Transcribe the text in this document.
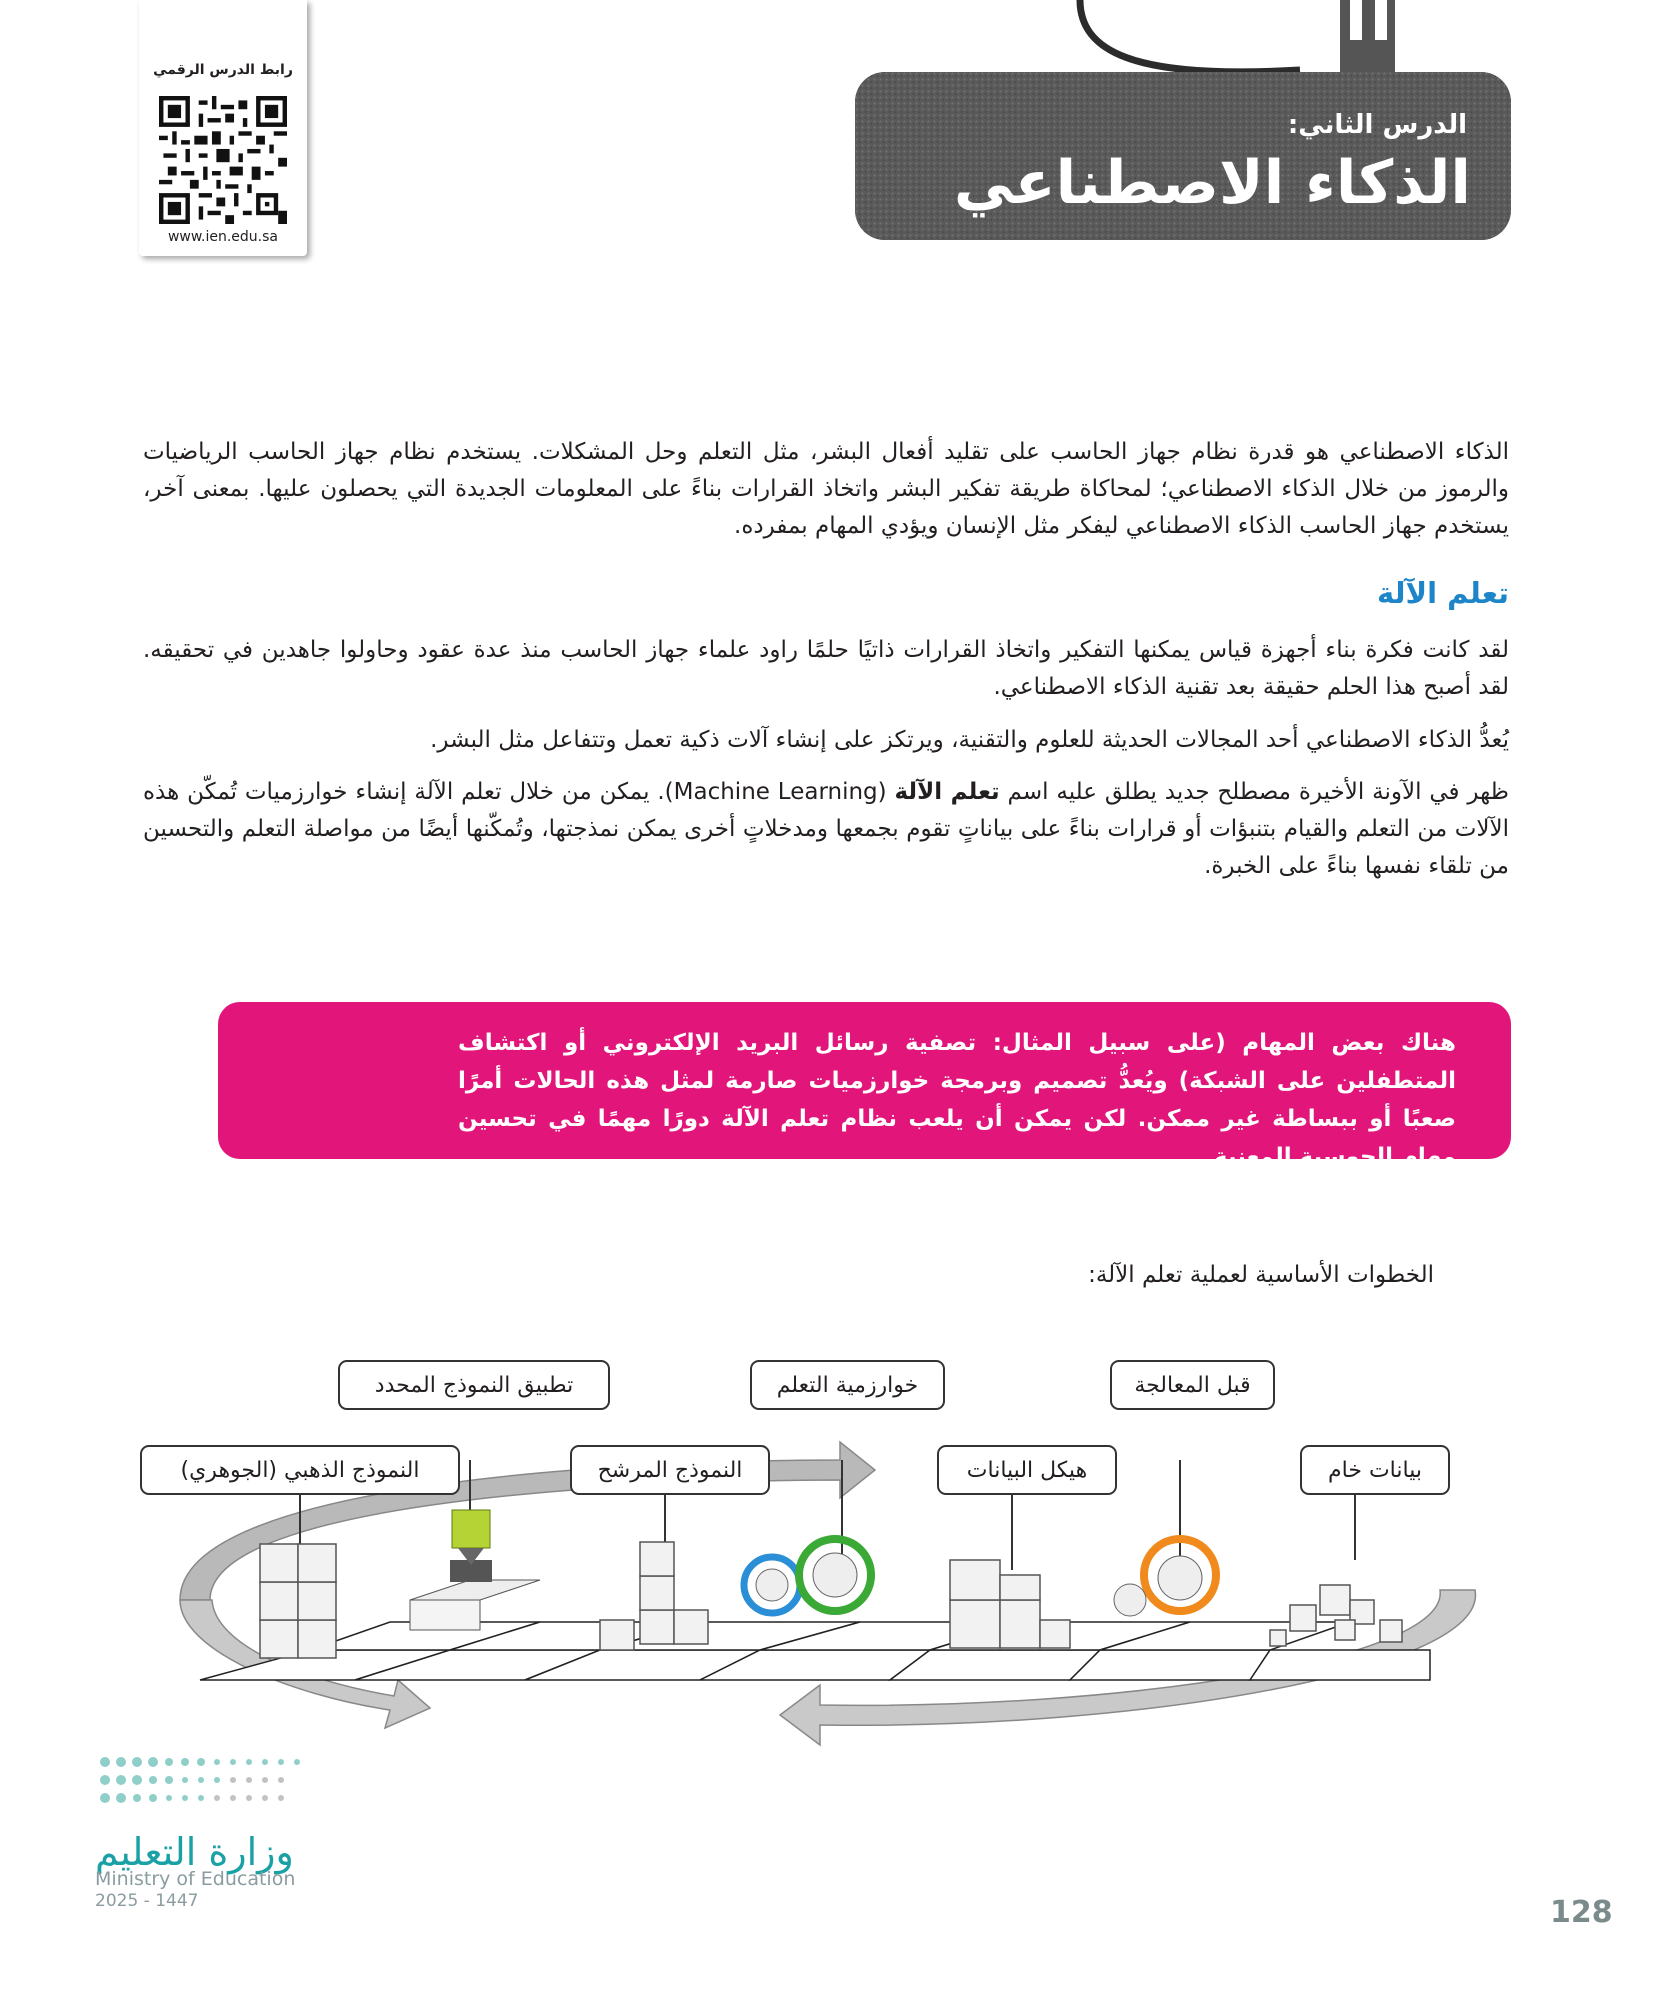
رابط الدرس الرقمي
www.ien.edu.sa
الدرس الثاني:
الذكاء الاصطناعي
الذكاء الاصطناعي هو قدرة نظام جهاز الحاسب على تقليد أفعال البشر، مثل التعلم وحل المشكلات. يستخدم نظام جهاز الحاسب الرياضيات والرموز من خلال الذكاء الاصطناعي؛ لمحاكاة طريقة تفكير البشر واتخاذ القرارات بناءً على المعلومات الجديدة التي يحصلون عليها. بمعنى آخر، يستخدم جهاز الحاسب الذكاء الاصطناعي ليفكر مثل الإنسان ويؤدي المهام بمفرده.
تعلم الآلة
لقد كانت فكرة بناء أجهزة قياس يمكنها التفكير واتخاذ القرارات ذاتيًا حلمًا راود علماء جهاز الحاسب منذ عدة عقود وحاولوا جاهدين في تحقيقه. لقد أصبح هذا الحلم حقيقة بعد تقنية الذكاء الاصطناعي.
يُعدُّ الذكاء الاصطناعي أحد المجالات الحديثة للعلوم والتقنية، ويرتكز على إنشاء آلات ذكية تعمل وتتفاعل مثل البشر.
ظهر في الآونة الأخيرة مصطلح جديد يطلق عليه اسم تعلم الآلة (Machine Learning). يمكن من خلال تعلم الآلة إنشاء خوارزميات تُمكّن هذه الآلات من التعلم والقيام بتنبؤات أو قرارات بناءً على بياناتٍ تقوم بجمعها ومدخلاتٍ أخرى يمكن نمذجتها، وتُمكّنها أيضًا من مواصلة التعلم والتحسين من تلقاء نفسها بناءً على الخبرة.
هناك بعض المهام (على سبيل المثال: تصفية رسائل البريد الإلكتروني أو اكتشاف المتطفلين على الشبكة) ويُعدُّ تصميم وبرمجة خوارزميات صارمة لمثل هذه الحالات أمرًا صعبًا أو ببساطة غير ممكن. لكن يمكن أن يلعب نظام تعلم الآلة دورًا مهمًا في تحسين مهام الحوسبة المعنية.
الخطوات الأساسية لعملية تعلم الآلة:
النموذج الذهبي (الجوهري)
تطبيق النموذج المحدد
النموذج المرشح
خوارزمية التعلم
هيكل البيانات
قبل المعالجة
بيانات خام
وزارة التعليم
Ministry of Education
2025 - 1447	128
